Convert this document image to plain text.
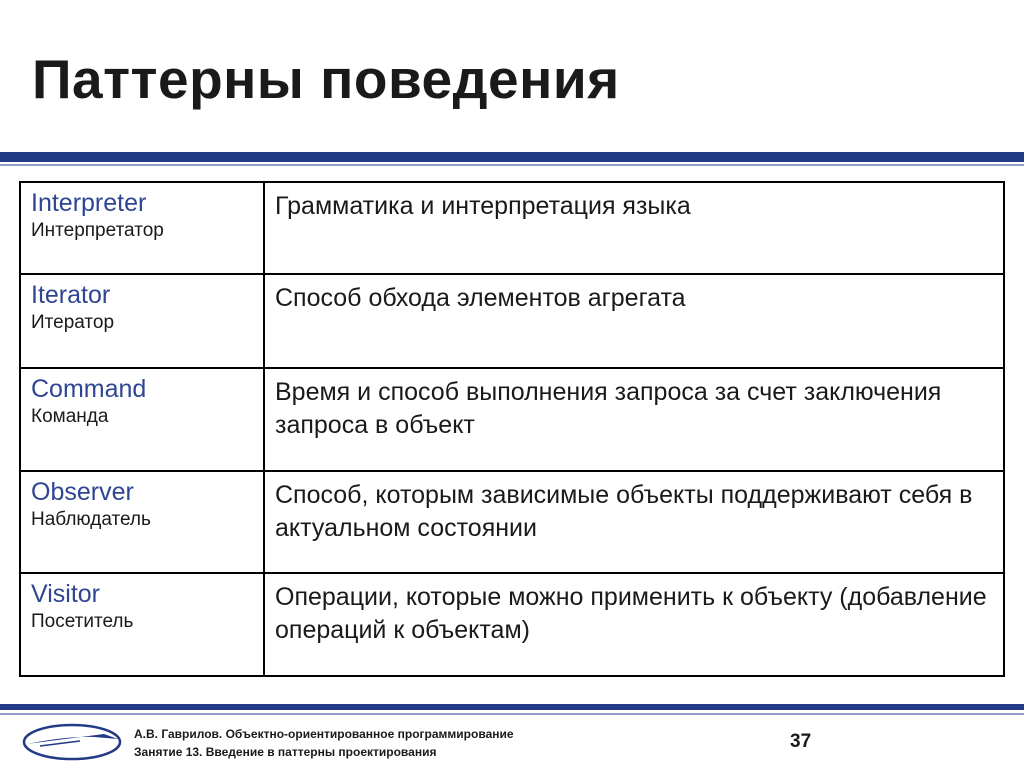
Паттерны поведения
Interpreter
Интерпретатор	Грамматика и интерпретация языка

Iterator
Итератор	Способ обхода элементов агрегата

Command
Команда	Время и способ выполнения запроса за счет заключения запроса в объект

Observer
Наблюдатель	Способ, которым зависимые объекты поддерживают себя в актуальном состоянии

Visitor
Посетитель	Операции, которые можно применить к объекту (добавление операций к объектам)
А.В. Гаврилов. Объектно-ориентированное программирование
Занятие 13. Введение в паттерны проектирования	37
